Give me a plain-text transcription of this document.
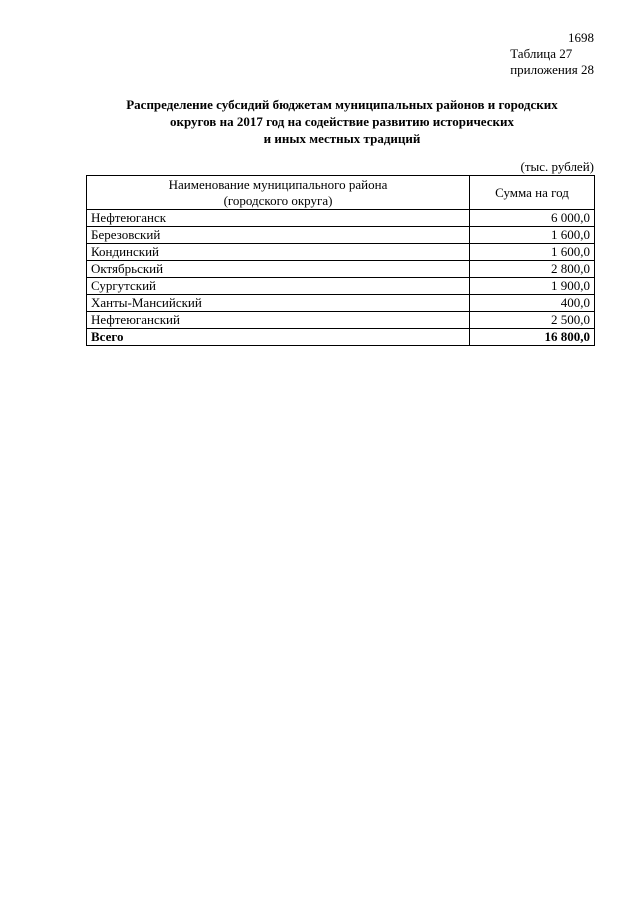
1698
Таблица 27
приложения 28
Распределение субсидий бюджетам муниципальных районов и городских
округов на 2017 год на содействие развитию исторических
и иных местных традиций
(тыс. рублей)
Наименование муниципального района
(городского округа)	Сумма на год
Нефтеюганск	6 000,0
Березовский	1 600,0
Кондинский	1 600,0
Октябрьский	2 800,0
Сургутский	1 900,0
Ханты-Мансийский	400,0
Нефтеюганский	2 500,0
Всего	16 800,0
